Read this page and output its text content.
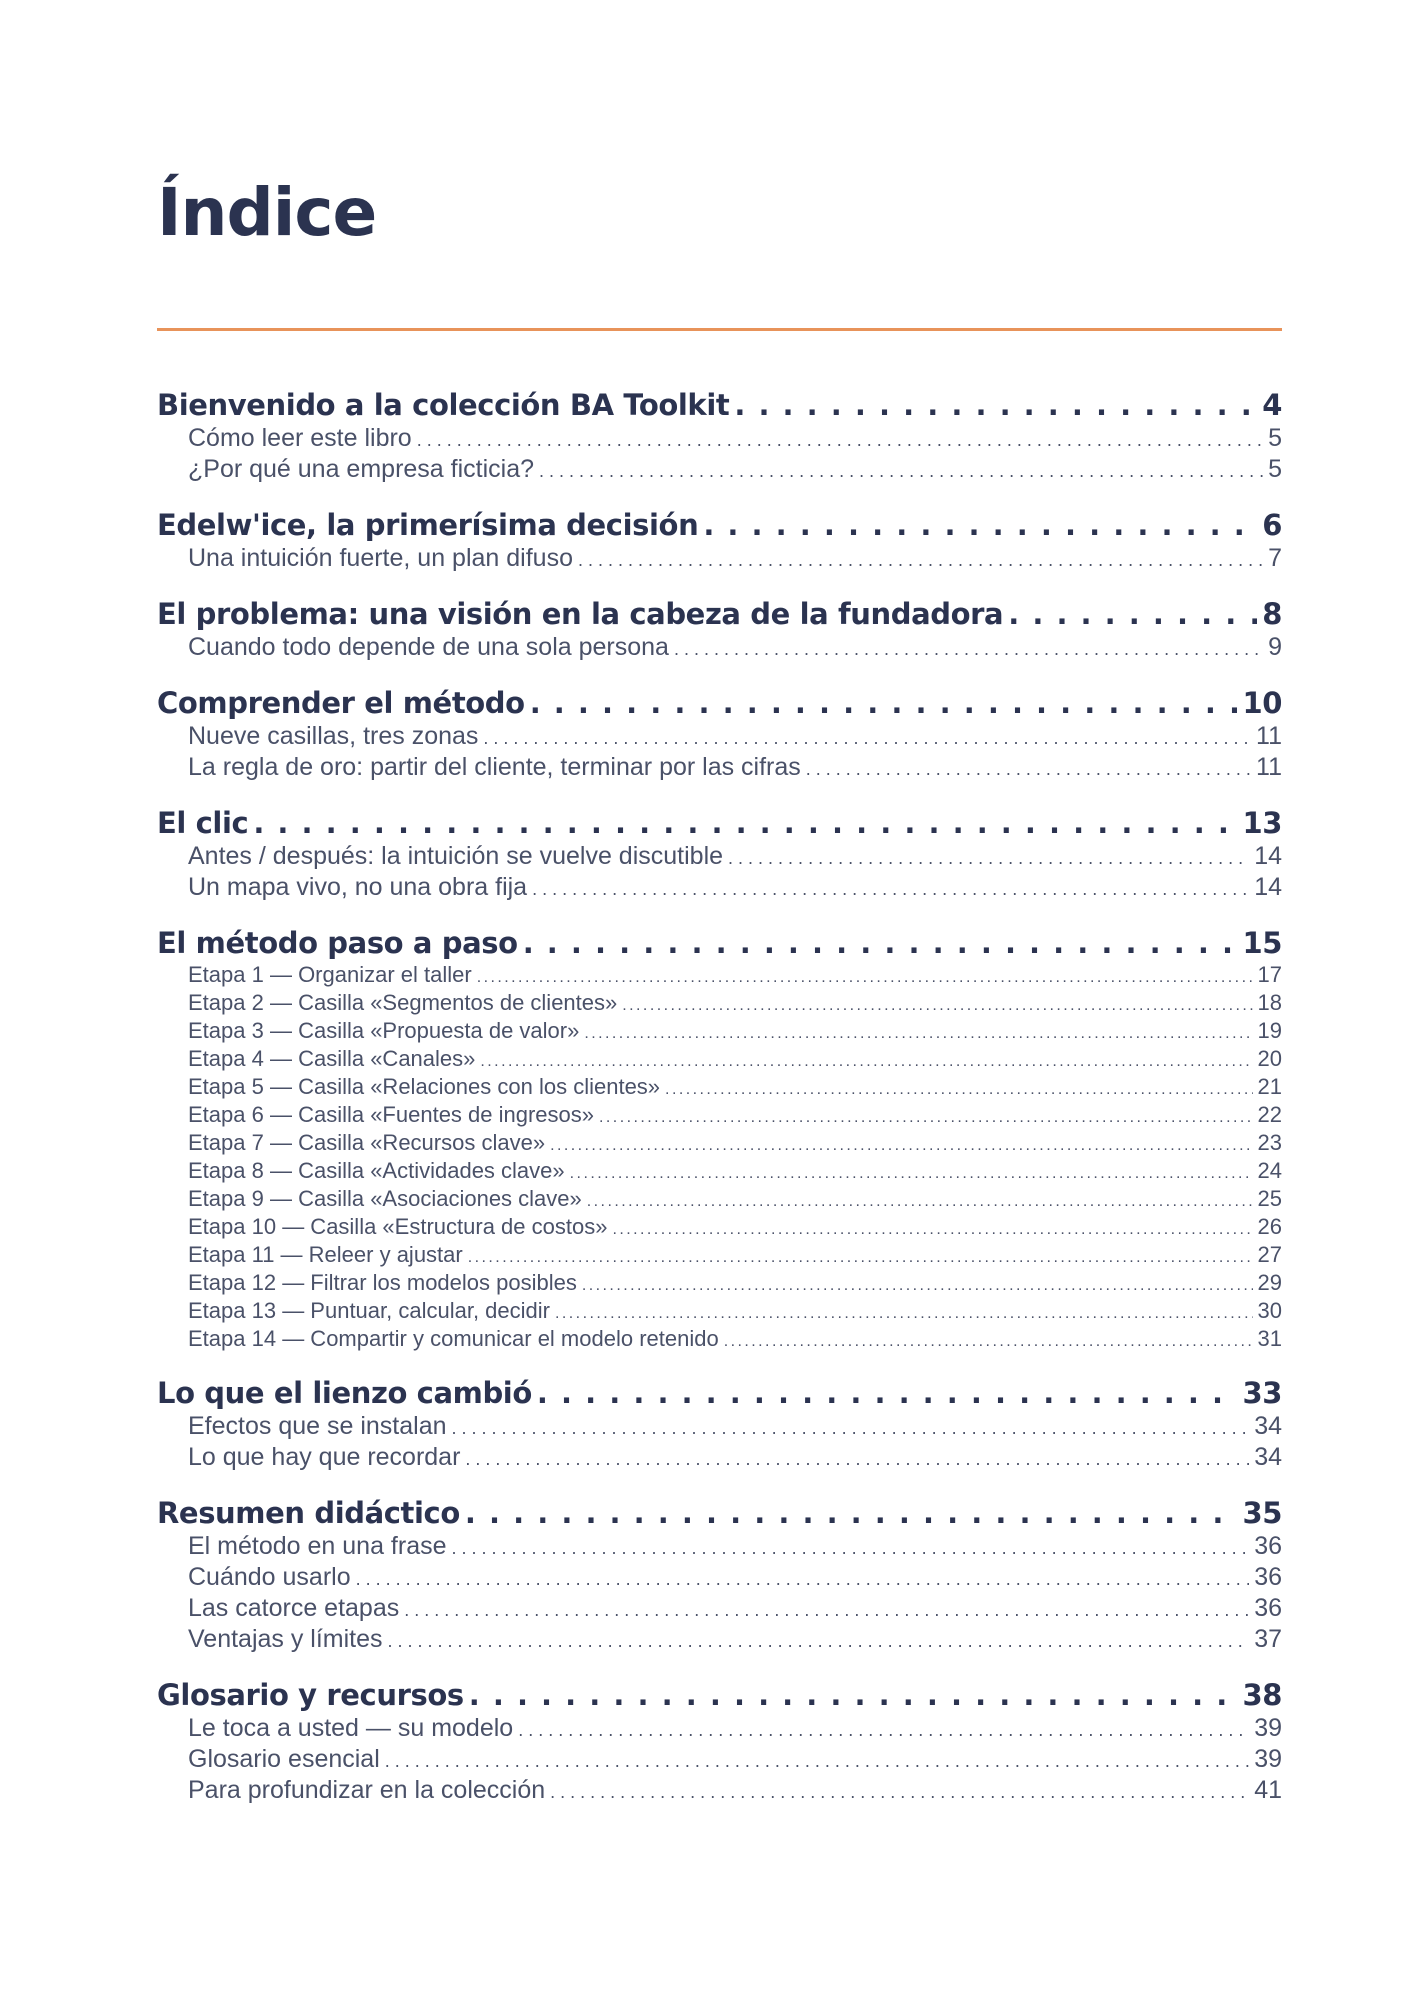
Índice
Bienvenido a la colección BA Toolkit . . .	4
Cómo leer este libro . . .	5
¿Por qué una empresa ficticia? . . .	5
Edelw'ice, la primerísima decisión . . .	6
Una intuición fuerte, un plan difuso . . .	7
El problema: una visión en la cabeza de la fundadora . . .	8
Cuando todo depende de una sola persona . . .	9
Comprender el método . . .	10
Nueve casillas, tres zonas . . .	11
La regla de oro: partir del cliente, terminar por las cifras . . .	11
El clic . . .	13
Antes / después: la intuición se vuelve discutible . . .	14
Un mapa vivo, no una obra fija . . .	14
El método paso a paso . . .	15
Etapa 1 — Organizar el taller . . .	17
Etapa 2 — Casilla «Segmentos de clientes» . . .	18
Etapa 3 — Casilla «Propuesta de valor» . . .	19
Etapa 4 — Casilla «Canales» . . .	20
Etapa 5 — Casilla «Relaciones con los clientes» . . .	21
Etapa 6 — Casilla «Fuentes de ingresos» . . .	22
Etapa 7 — Casilla «Recursos clave» . . .	23
Etapa 8 — Casilla «Actividades clave» . . .	24
Etapa 9 — Casilla «Asociaciones clave» . . .	25
Etapa 10 — Casilla «Estructura de costos» . . .	26
Etapa 11 — Releer y ajustar . . .	27
Etapa 12 — Filtrar los modelos posibles . . .	29
Etapa 13 — Puntuar, calcular, decidir . . .	30
Etapa 14 — Compartir y comunicar el modelo retenido . . .	31
Lo que el lienzo cambió . . .	33
Efectos que se instalan . . .	34
Lo que hay que recordar . . .	34
Resumen didáctico . . .	35
El método en una frase . . .	36
Cuándo usarlo . . .	36
Las catorce etapas . . .	36
Ventajas y límites . . .	37
Glosario y recursos . . .	38
Le toca a usted — su modelo . . .	39
Glosario esencial . . .	39
Para profundizar en la colección . . .	41
